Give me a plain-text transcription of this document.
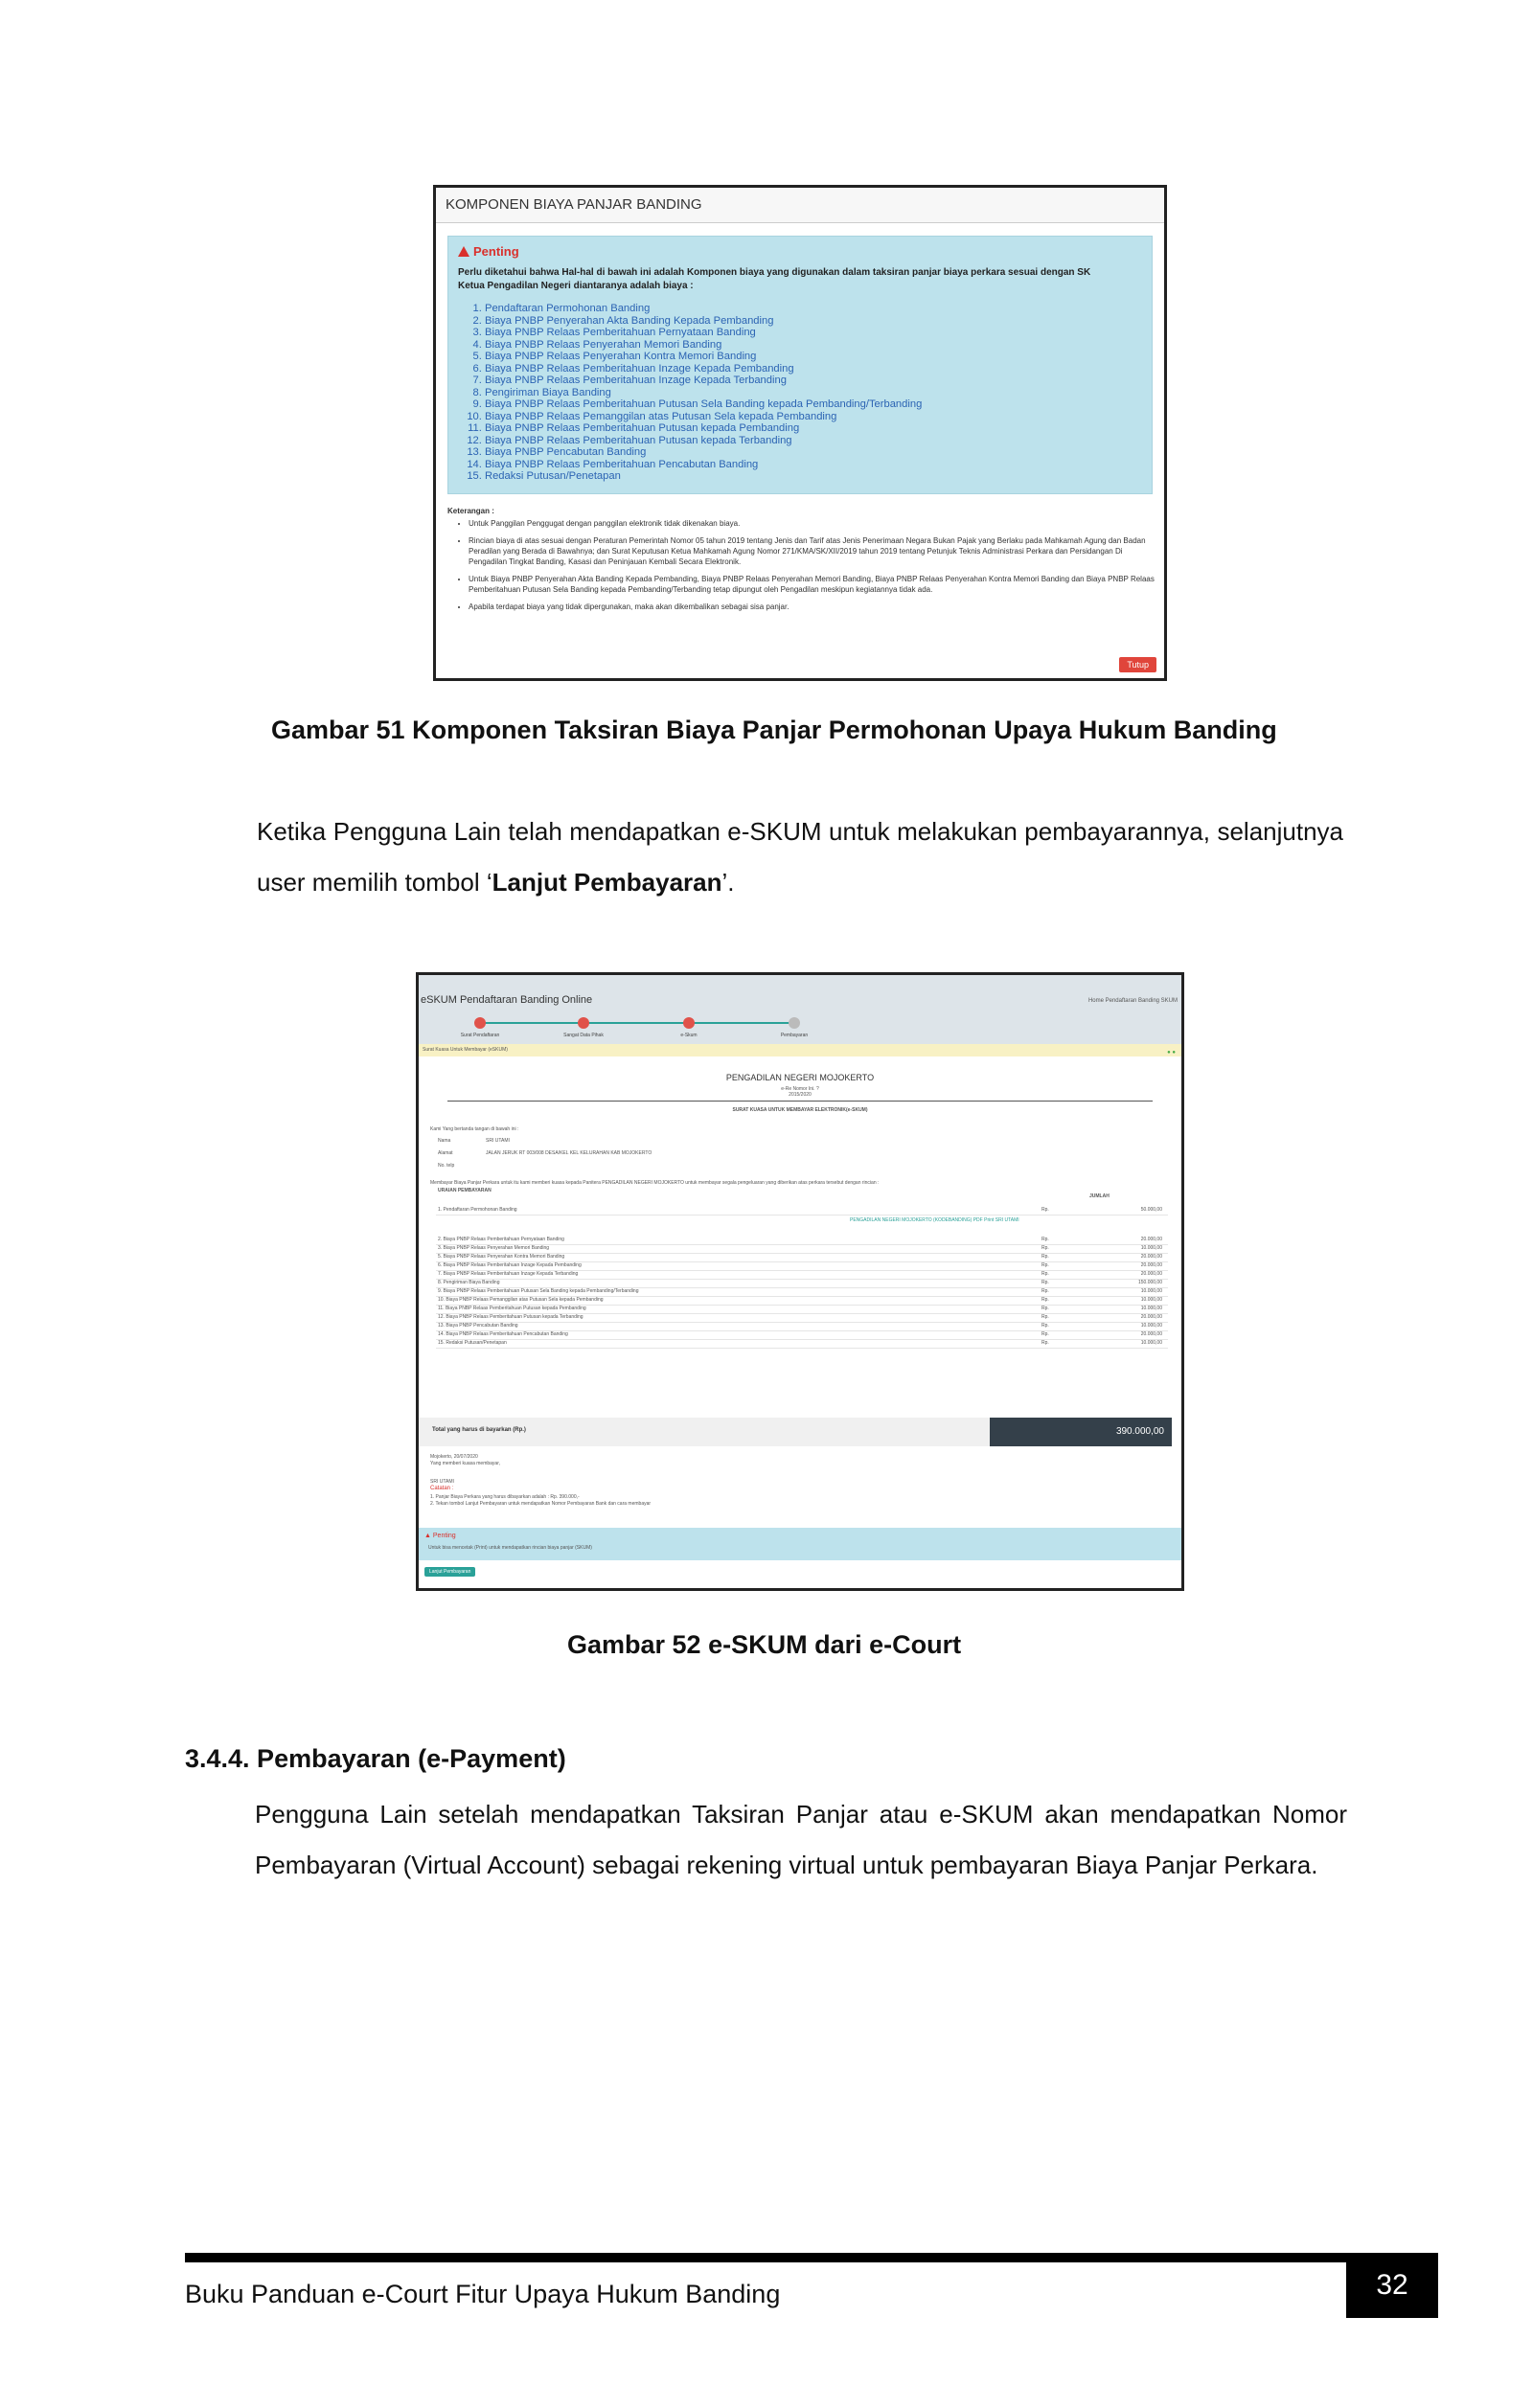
KOMPONEN BIAYA PANJAR BANDING
Penting
Perlu diketahui bahwa Hal-hal di bawah ini adalah Komponen biaya yang digunakan dalam taksiran panjar biaya perkara sesuai dengan SK Ketua Pengadilan Negeri diantaranya adalah biaya :
1. Pendaftaran Permohonan Banding
2. Biaya PNBP Penyerahan Akta Banding Kepada Pembanding
3. Biaya PNBP Relaas Pemberitahuan Pernyataan Banding
4. Biaya PNBP Relaas Penyerahan Memori Banding
5. Biaya PNBP Relaas Penyerahan Kontra Memori Banding
6. Biaya PNBP Relaas Pemberitahuan Inzage Kepada Pembanding
7. Biaya PNBP Relaas Pemberitahuan Inzage Kepada Terbanding
8. Pengiriman Biaya Banding
9. Biaya PNBP Relaas Pemberitahuan Putusan Sela Banding kepada Pembanding/Terbanding
10. Biaya PNBP Relaas Pemanggilan atas Putusan Sela kepada Pembanding
11. Biaya PNBP Relaas Pemberitahuan Putusan kepada Pembanding
12. Biaya PNBP Relaas Pemberitahuan Putusan kepada Terbanding
13. Biaya PNBP Pencabutan Banding
14. Biaya PNBP Relaas Pemberitahuan Pencabutan Banding
15. Redaksi Putusan/Penetapan
Keterangan :
• Untuk Panggilan Penggugat dengan panggilan elektronik tidak dikenakan biaya.
• Rincian biaya di atas sesuai dengan Peraturan Pemerintah Nomor 05 tahun 2019 tentang Jenis dan Tarif atas Jenis Penerimaan Negara Bukan Pajak yang Berlaku pada Mahkamah Agung dan Badan Peradilan yang Berada di Bawahnya; dan Surat Keputusan Ketua Mahkamah Agung Nomor 271/KMA/SK/XII/2019 tahun 2019 tentang Petunjuk Teknis Administrasi Perkara dan Persidangan Di Pengadilan Tingkat Banding, Kasasi dan Peninjauan Kembali Secara Elektronik.
• Untuk Biaya PNBP Penyerahan Akta Banding Kepada Pembanding, Biaya PNBP Relaas Penyerahan Memori Banding, Biaya PNBP Relaas Penyerahan Kontra Memori Banding dan Biaya PNBP Relaas Pemberitahuan Putusan Sela Banding kepada Pembanding/Terbanding tetap dipungut oleh Pengadilan meskipun kegiatannya tidak ada.
• Apabila terdapat biaya yang tidak dipergunakan, maka akan dikembalikan sebagai sisa panjar.
Tutup
Gambar 51 Komponen Taksiran Biaya Panjar Permohonan Upaya Hukum Banding
Ketika Pengguna Lain telah mendapatkan e-SKUM untuk melakukan pembayarannya, selanjutnya user memilih tombol ‘Lanjut Pembayaran’.
eSKUM Pendaftaran Banding Online	Home Pendaftaran Banding SKUM
Surat Pendaftaran	Sangat Data Pihak	e-Skum	Pembayaran
Surat Kuasa Untuk Membayar (eSKUM)	● ●
PENGADILAN NEGERI MOJOKERTO
e-Re Nomor Ini. ?
2015/2020
SURAT KUASA UNTUK MEMBAYAR ELEKTRONIK(e-SKUM)
Kami Yang bertanda tangan di bawah ini :
Nama	SRI UTAMI
Alamat	JALAN JERUK RT 003/008 DESA/KEL KEL KELURAHAN KAB MOJOKERTO
No. telp
Membayar Biaya Panjar Perkara untuk itu kami memberi kuasa kepada Panitera PENGADILAN NEGERI MOJOKERTO untuk membayar segala pengeluaran yang diberikan atas perkara tersebut dengan rincian :
URAIAN PEMBAYARAN
JUMLAH
PENGADILAN NEGERI MOJOKERTO (KODEBANDING) PDF Print SRI UTAMI
1. Pendaftaran Permohonan Banding	Rp.	50.000,00
2. Biaya PNBP Relaas Pemberitahuan Pernyataan Banding	Rp.	20.000,00
3. Biaya PNBP Relaas Penyerahan Memori Banding	Rp.	10.000,00
5. Biaya PNBP Relaas Penyerahan Kontra Memori Banding	Rp.	20.000,00
6. Biaya PNBP Relaas Pemberitahuan Inzage Kepada Pembanding	Rp.	20.000,00
7. Biaya PNBP Relaas Pemberitahuan Inzage Kepada Terbanding	Rp.	20.000,00
8. Pengiriman Biaya Banding	Rp.	150.000,00
9. Biaya PNBP Relaas Pemberitahuan Putusan Sela Banding kepada Pembanding/Terbanding	Rp.	10.000,00
10. Biaya PNBP Relaas Pemanggilan atas Putusan Sela kepada Pembanding	Rp.	10.000,00
11. Biaya PNBP Relaas Pemberitahuan Putusan kepada Pembanding	Rp.	10.000,00
12. Biaya PNBP Relaas Pemberitahuan Putusan kepada Terbanding	Rp.	20.000,00
13. Biaya PNBP Pencabutan Banding	Rp.	10.000,00
14. Biaya PNBP Relaas Pemberitahuan Pencabutan Banding	Rp.	20.000,00
15. Redaksi Putusan/Penetapan	Rp.	10.000,00
Total yang harus di bayarkan (Rp.)	390.000,00
Mojokerto, 20/07/2020
Yang memberi kuasa membayar,
SRI UTAMI
Catatan :
1. Panjar Biaya Perkara yang harus dibayarkan adalah : Rp. 390.000,-
2. Tekan tombol Lanjut Pembayaran untuk mendapatkan Nomor Pembayaran Bank dan cara membayar
▲ Penting
Untuk bisa mencetak (Print) untuk mendapatkan rincian biaya panjar (SKUM)
Lanjut Pembayaran
Gambar 52 e-SKUM dari e-Court
3.4.4. Pembayaran (e-Payment)
Pengguna Lain setelah mendapatkan Taksiran Panjar atau e-SKUM akan mendapatkan Nomor Pembayaran (Virtual Account) sebagai rekening virtual untuk pembayaran Biaya Panjar Perkara.
32
Buku Panduan e-Court Fitur Upaya Hukum Banding
